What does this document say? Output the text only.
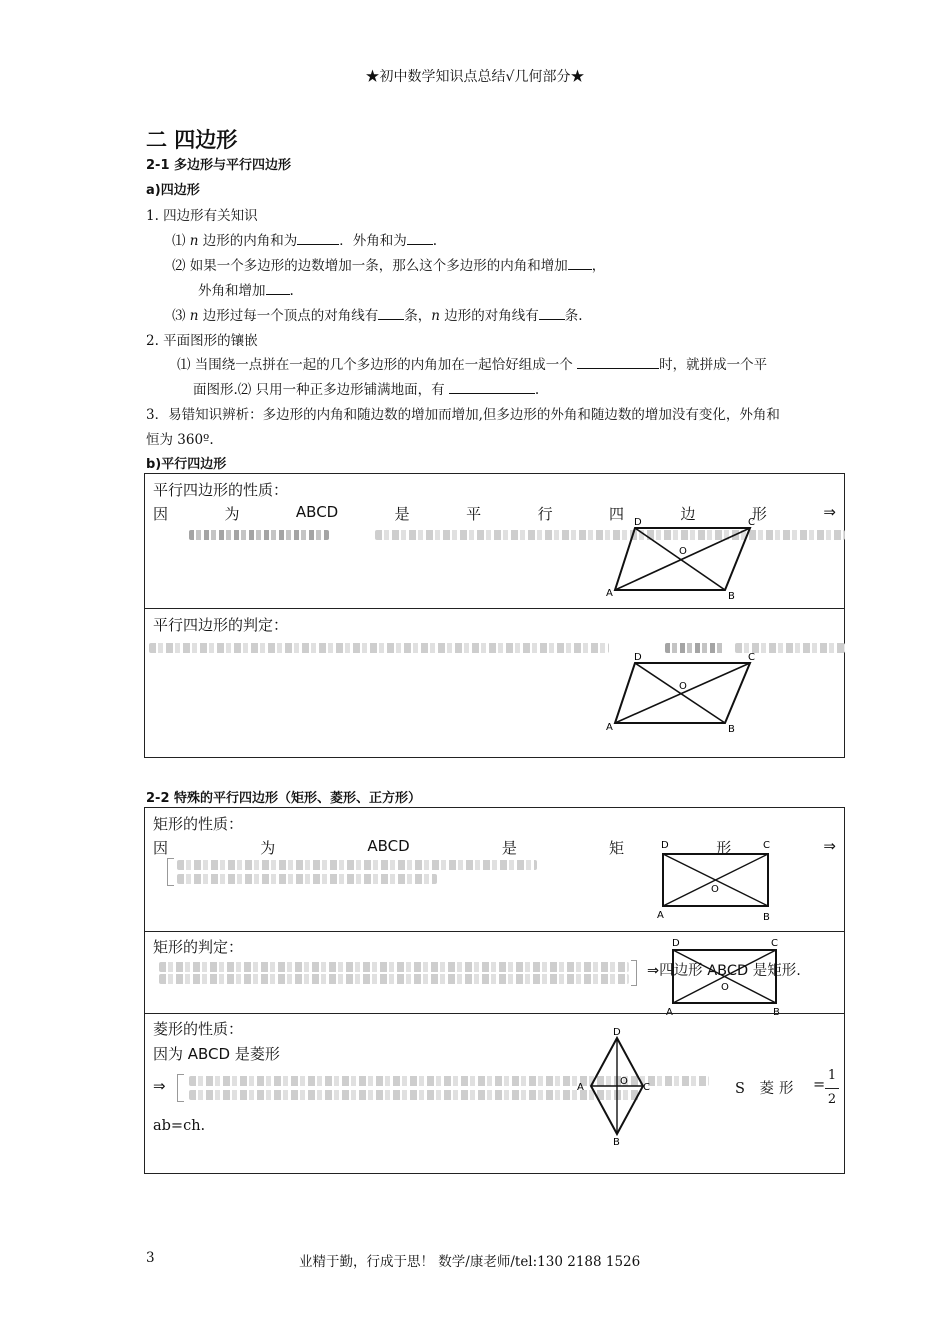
★初中数学知识点总结√几何部分★
二 四边形
2-1 多边形与平行四边形
a)四边形
1. 四边形有关知识
⑴ n 边形的内角和为	．外角和为 .
⑵ 如果一个多边形的边数增加一条，那么这个多边形的内角和增加 ，
外角和增加 .
⑶ n 边形过每一个顶点的对角线有 条，n 边形的对角线有 条.
2. 平面图形的镶嵌
⑴ 当围绕一点拼在一起的几个多边形的内角加在一起恰好组成一个	时，就拼成一个平
面图形.⑵ 只用一种正多边形铺满地面，有	.
3．易错知识辨析：多边形的内角和随边数的增加而增加,但多边形的外角和随边数的增加没有变化，外角和
恒为 360º.
b)平行四边形
平行四边形的性质：
因	为	ABCD	是	平	行	四	边	形	⇒
D	C
A	B
O
平行四边形的判定：
D	C
A	B
O
2-2 特殊的平行四边形（矩形、菱形、正方形）
矩形的性质：
因	为	ABCD	是	矩	形	⇒
D	C
A	B
O
矩形的判定：	D	C
A	B
O
⇒四边形 ABCD 是矩形.
菱形的性质：
因为 ABCD 是菱形
⇒
D
B
A	C
O	S 菱形 =
1
2
ab=ch.
3	业精于勤，行成于思！ 数学/康老师/tel:130 2188 1526
